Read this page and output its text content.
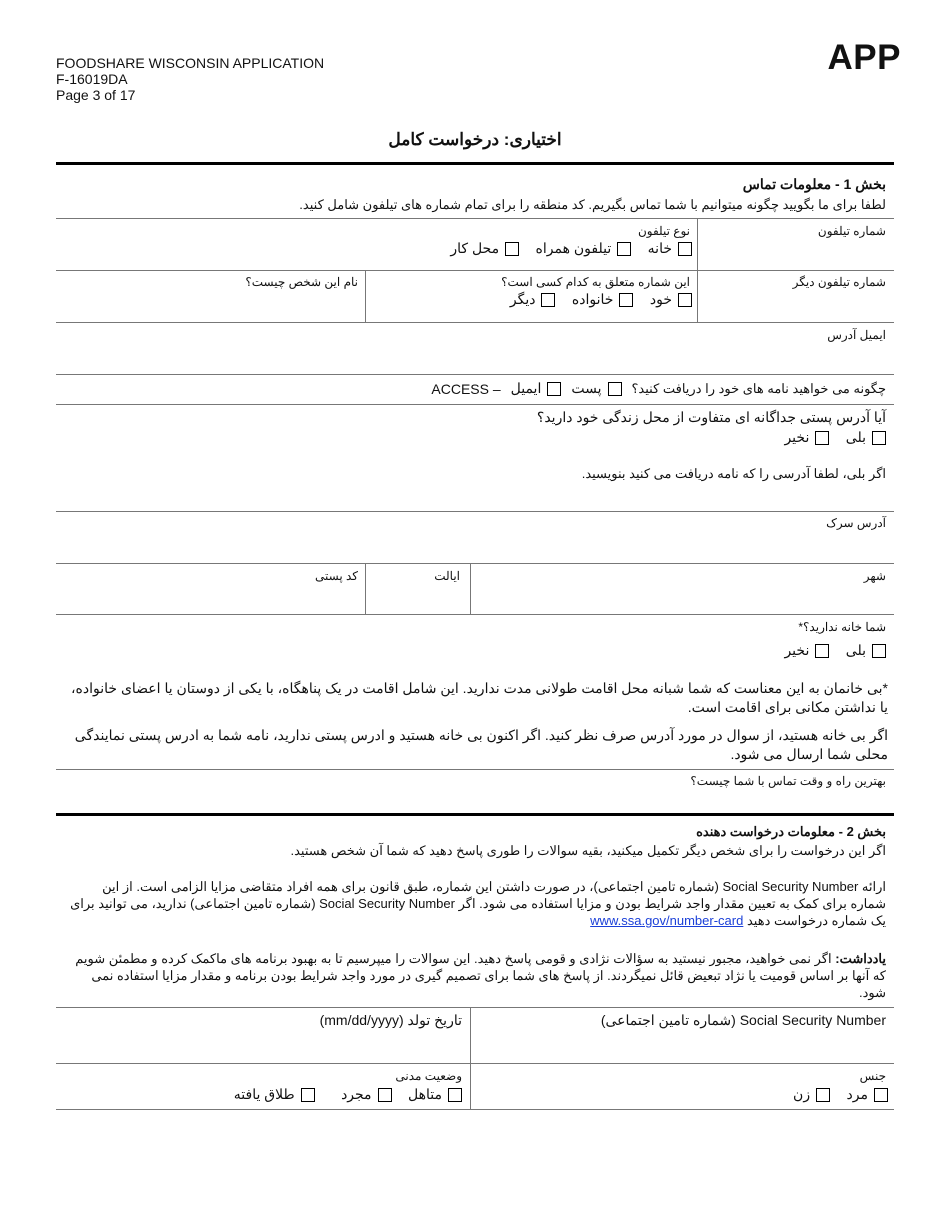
FOODSHARE WISCONSIN APPLICATION
F-16019DA
Page 3 of 17
APP
اختیاری: درخواست کامل
بخش 1 - معلومات تماس
لطفا برای ما بگویید چگونه میتوانیم با شما تماس بگیریم. کد منطقه را برای تمام شماره های تیلفون شامل کنید.
شماره تیلفون
نوع تیلفون
خانه

تیلفون همراه

محل کار
شماره تیلفون دیگر
این شماره متعلق به کدام کسی است؟
خود

خانواده

دیگر
نام این شخص چیست؟
ایمیل آدرس
چگونه می خواهید نامه های خود را دریافت کنید؟
پست
ایمیل
ACCESS –
آیا آدرس پستی جداگانه ای متفاوت از محل زندگی خود دارید؟
بلی

نخیر
اگر بلی، لطفا آدرسی را که نامه دریافت می کنید بنویسید.
آدرس سرک
شهر
ایالت
کد پستی
شما خانه ندارید؟*
بلی

نخیر
*بی خانمان به این معناست که شما شبانه محل اقامت طولانی مدت ندارید. این شامل اقامت در یک پناهگاه، با یکی از دوستان یا اعضای خانواده، یا نداشتن مکانی برای اقامت است.
اگر بی خانه هستید، از سوال در مورد آدرس صرف نظر کنید. اگر اکنون بی خانه هستید و ادرس پستی ندارید، نامه شما به ادرس پستی نمایندگی محلی شما ارسال می شود.
بهترین راه و وقت تماس با شما چیست؟
بخش 2 - معلومات درخواست دهنده
اگر این درخواست را برای شخص دیگر تکمیل میکنید، بقیه سوالات را طوری پاسخ دهید که شما آن شخص هستید.
ارائه Social Security Number (شماره تامین اجتماعی)، در صورت داشتن این شماره، طبق قانون برای همه افراد متقاضی مزایا الزامی است. از این شماره برای کمک به تعیین مقدار واجد شرایط بودن و مزایا استفاده می شود. اگر Social Security Number (شماره تامین اجتماعی) ندارید، می توانید برای یک شماره درخواست دهید www.ssa.gov/number-card
یادداشت: اگر نمی خواهید، مجبور نیستید به سؤالات نژادی و قومی پاسخ دهید. این سوالات را میپرسیم تا به بهبود برنامه های ماکمک کرده و مطمئن شویم که آنها بر اساس قومیت یا نژاد تبعیض قائل نمیگردند. از پاسخ های شما برای تصمیم گیری در مورد واجد شرایط بودن برنامه و مقدار مزایا استفاده نمی شود.
Social Security Number (شماره تامین اجتماعی)
تاریخ تولد (mm/dd/yyyy)
جنس
مرد

زن
وضعیت مدنی
متاهل

مجرد

طلاق یافته
